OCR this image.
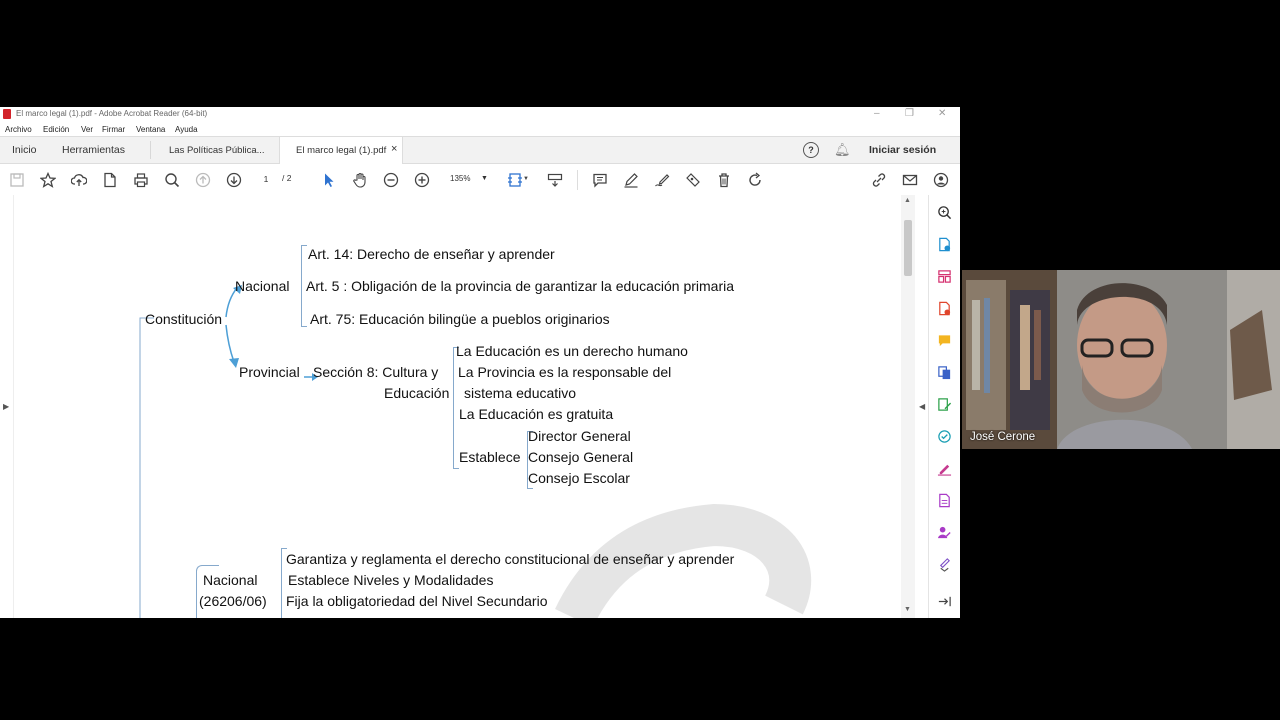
El marco legal (1).pdf - Adobe Acrobat Reader (64-bit)	–	❐ ✕
Archivo Edición Ver Firmar Ventana Ayuda
Inicio Herramientas	Las Políticas Pública...	El marco legal (1).pdf ×	?	🔔︎ Iniciar sesión
1	/ 2	135% ▼	▼
▶
Constitución
Nacional
Art. 14: Derecho de enseñar y aprender
Art. 5 : Obligación de la provincia de garantizar la educación primaria
Art. 75: Educación bilingüe a pueblos originarios
Provincial Sección 8: Cultura y
Educación
La Educación es un derecho humano
La Provincia es la responsable del
sistema educativo
La Educación es gratuita
Establece
Director General
Consejo General
Consejo Escolar
Nacional
(26206/06)
Garantiza y reglamenta el derecho constitucional de enseñar y aprender
Establece Niveles y Modalidades
Fija la obligatoriedad del Nivel Secundario
▲
▼
◀
José Cerone
